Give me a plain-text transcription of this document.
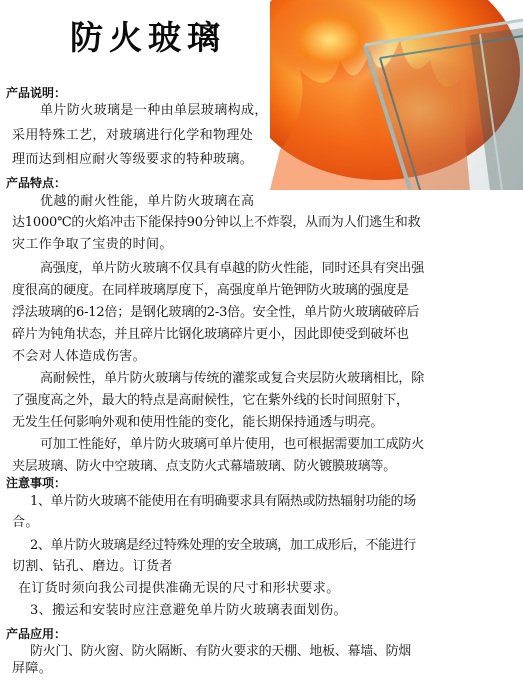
防火玻璃
产品说明：
单片防火玻璃是一种由单层玻璃构成，
采用特殊工艺，对玻璃进行化学和物理处
理而达到相应耐火等级要求的特种玻璃。
产品特点：
优越的耐火性能，单片防火玻璃在高
达1000℃的火焰冲击下能保持90分钟以上不炸裂，从而为人们逃生和救
灾工作争取了宝贵的时间。
高强度，单片防火玻璃不仅具有卓越的防火性能，同时还具有突出强
度很高的硬度。在同样玻璃厚度下，高强度单片铯钾防火玻璃的强度是
浮法玻璃的6-12倍；是钢化玻璃的2-3倍。安全性，单片防火玻璃破碎后
碎片为钝角状态，并且碎片比钢化玻璃碎片更小，因此即使受到破坏也
不会对人体造成伤害。
高耐候性，单片防火玻璃与传统的灌浆或复合夹层防火玻璃相比，除
了强度高之外，最大的特点是高耐候性，它在紫外线的长时间照射下，
无发生任何影响外观和使用性能的变化，能长期保持通透与明亮。
可加工性能好，单片防火玻璃可单片使用，也可根据需要加工成防火
夹层玻璃、防火中空玻璃、点支防火式幕墙玻璃、防火镀膜玻璃等。
注意事项：
1、单片防火玻璃不能使用在有明确要求具有隔热或防热辐射功能的场
合。
2、单片防火玻璃是经过特殊处理的安全玻璃，加工成形后，不能进行
切割、钻孔、磨边。订货者
在订货时须向我公司提供准确无误的尺寸和形状要求。
3、搬运和安装时应注意避免单片防火玻璃表面划伤。
产品应用：
防火门、防火窗、防火隔断、有防火要求的天棚、地板、幕墙、防烟
屏障。
